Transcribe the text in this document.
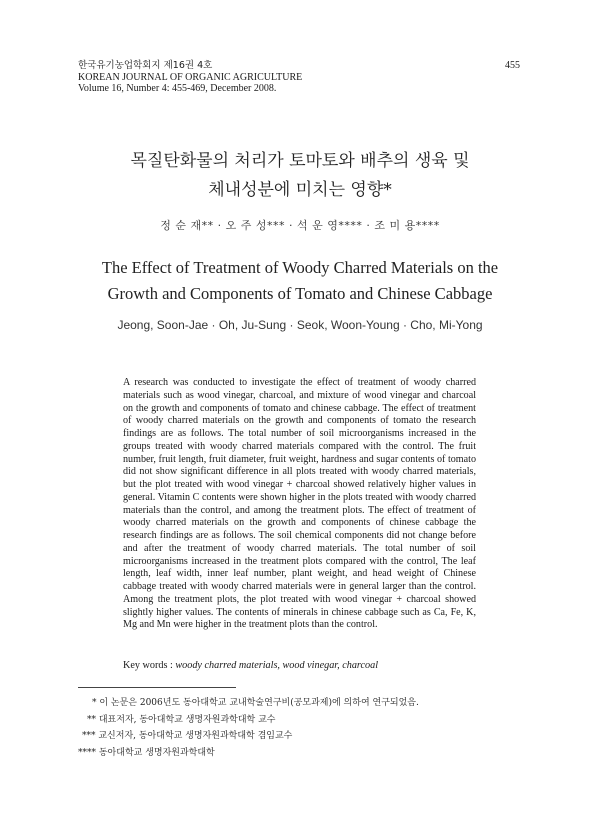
한국유기농업학회지 제16권 4호
KOREAN JOURNAL OF ORGANIC AGRICULTURE
Volume 16, Number 4: 455-469, December 2008.
455
목질탄화물의 처리가 토마토와 배추의 생육 및
체내성분에 미치는 영향*
정 순 재** · 오 주 성*** · 석 운 영**** · 조 미 용****
The Effect of Treatment of Woody Charred Materials on the
Growth and Components of Tomato and Chinese Cabbage
Jeong, Soon-Jae · Oh, Ju-Sung · Seok, Woon-Young · Cho, Mi-Yong

A research was conducted to investigate the effect of treatment of woody charred materials such as wood vinegar, charcoal, and mixture of wood vinegar and charcoal on the growth and components of tomato and chinese cabbage. The effect of treatment of woody charred materials on the growth and components of tomato the research findings are as follows. The total number of soil microorganisms increased in the groups treated with woody charred materials compared with the control. The fruit number, fruit length, fruit diameter, fruit weight, hardness and sugar contents of tomato did not show significant difference in all plots treated with woody charred materials, but the plot treated with wood vinegar + charcoal showed relatively higher values in general. Vitamin C contents were shown higher in the plots treated with woody charred materials than the control, and among the treatment plots. The effect of treatment of woody charred materials on the growth and components of chinese cabbage the research findings are as follows. The soil chemical components did not change before and after the treatment of woody charred materials. The total number of soil microorganisms increased in the treatment plots compared with the control, The leaf length, leaf width, inner leaf number, plant weight, and head weight of Chinese cabbage treated with woody charred materials were in general larger than the control. Among the treatment plots, the plot treated with wood vinegar + charcoal showed slightly higher values. The contents of minerals in chinese cabbage such as Ca, Fe, K, Mg and Mn were higher in the treatment plots than the control.

Key words : woody charred materials, wood vinegar, charcoal
* 이 논문은 2006년도 동아대학교 교내학술연구비(공모과제)에 의하여 연구되었음.
** 대표저자, 동아대학교 생명자원과학대학 교수
*** 교신저자, 동아대학교 생명자원과학대학 겸임교수
**** 동아대학교 생명자원과학대학
